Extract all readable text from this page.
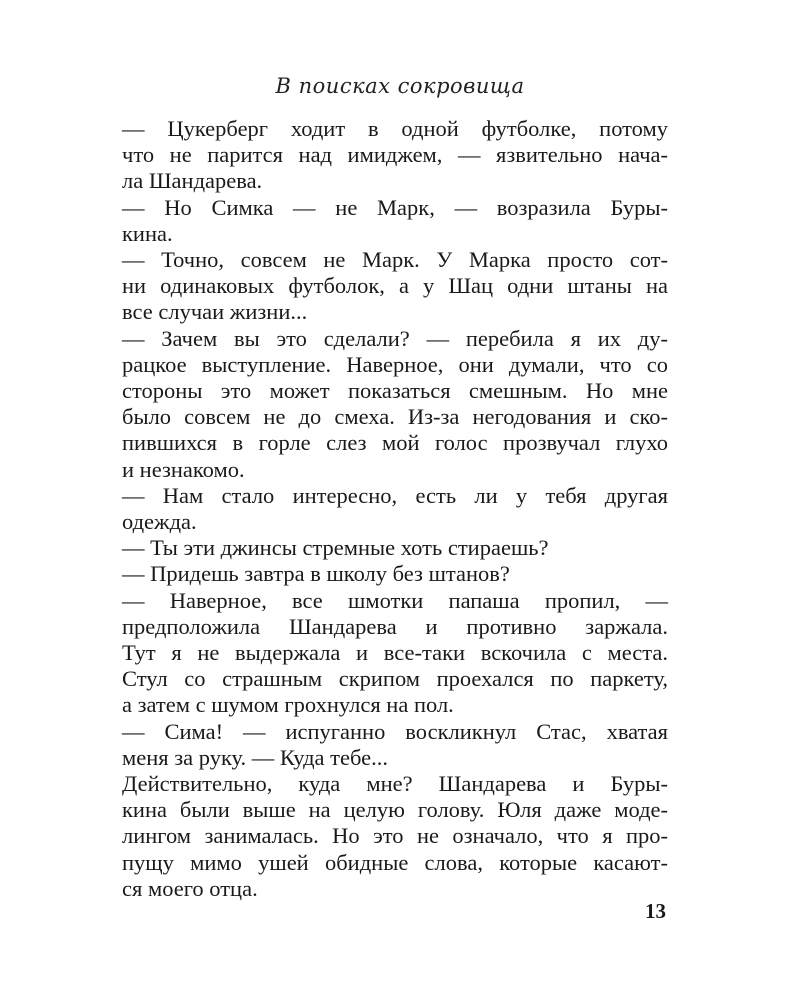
В поисках сокровища
— Цукерберг ходит в одной футболке, потому
что не парится над имиджем, — язвительно нача-
ла Шандарева.
— Но Симка — не Марк, — возразила Буры-
кина.
— Точно, совсем не Марк. У Марка просто сот-
ни одинаковых футболок, а у Шац одни штаны на
все случаи жизни...
— Зачем вы это сделали? — перебила я их ду-
рацкое выступление. Наверное, они думали, что со
стороны это может показаться смешным. Но мне
было совсем не до смеха. Из-за негодования и ско-
пившихся в горле слез мой голос прозвучал глухо
и незнакомо.
— Нам стало интересно, есть ли у тебя другая
одежда.
— Ты эти джинсы стремные хоть стираешь?
— Придешь завтра в школу без штанов?
— Наверное, все шмотки папаша пропил, —
предположила Шандарева и противно заржала.
Тут я не выдержала и все-таки вскочила с места.
Стул со страшным скрипом проехался по паркету,
а затем с шумом грохнулся на пол.
— Сима! — испуганно воскликнул Стас, хватая
меня за руку. — Куда тебе...
Действительно, куда мне? Шандарева и Буры-
кина были выше на целую голову. Юля даже моде-
лингом занималась. Но это не означало, что я про-
пущу мимо ушей обидные слова, которые касают-
ся моего отца.
13
